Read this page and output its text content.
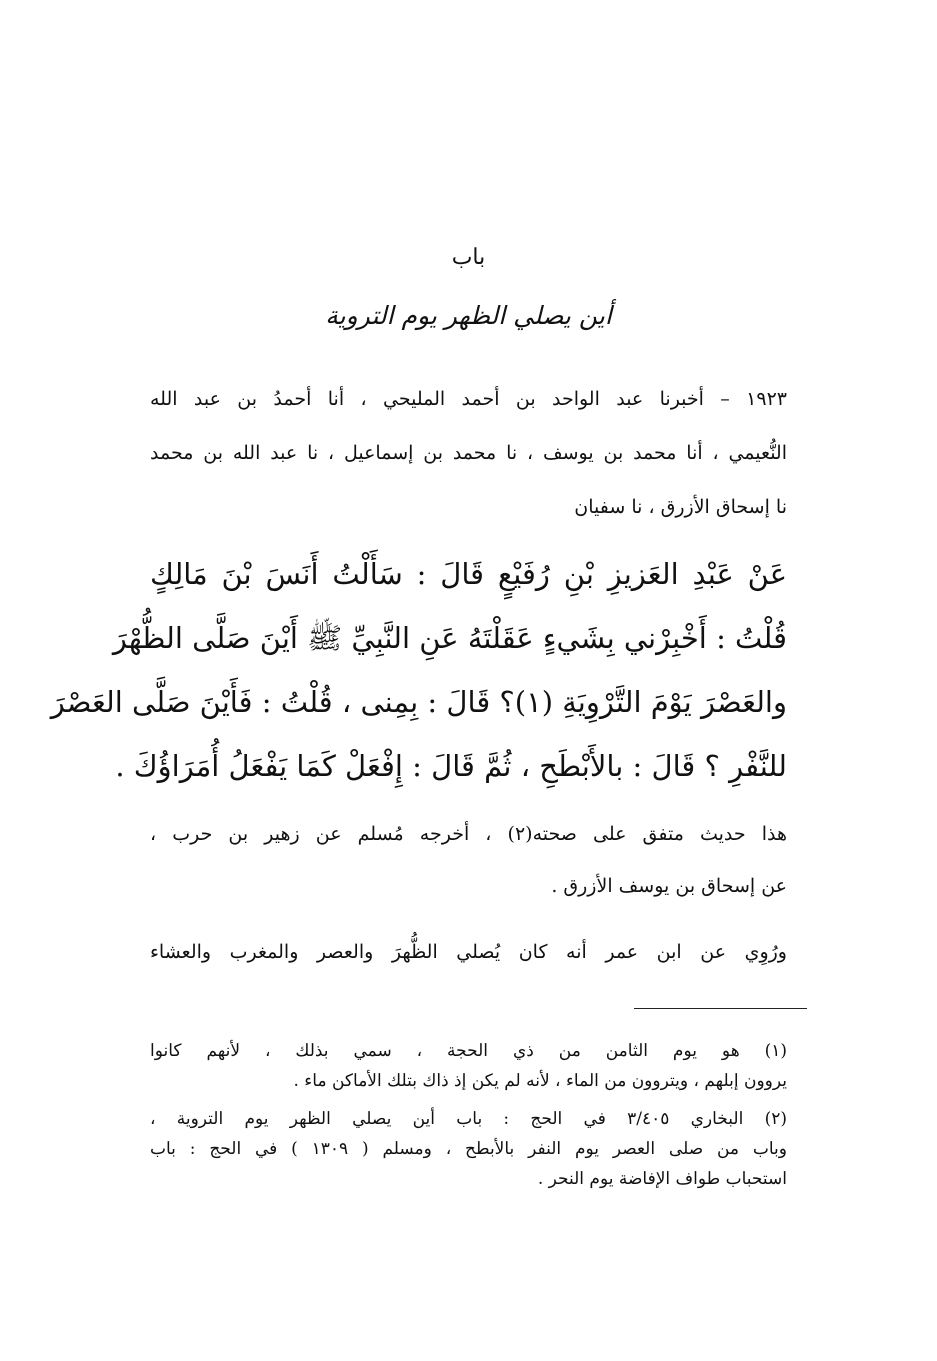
باب
أين يصلي الظهر يوم التروية
١٩٢٣ – أخبرنا عبد الواحد بن أحمد المليحي ، أنا أحمدُ بن عبد الله
النُّعيمي ، أنا محمد بن يوسف ، نا محمد بن إسماعيل ، نا عبد الله بن محمد
نا إسحاق الأزرق ، نا سفيان
عَنْ عَبْدِ العَزيزِ بْنِ رُفَيْعٍ قَالَ : سَأَلْتُ أَنَسَ بْنَ مَالِكٍ
قُلْتُ : أَخْبِرْني بِشَيءٍ عَقَلْتَهُ عَنِ النَّبِيِّ ﷺ أَيْنَ صَلَّى الظُّهْرَ
والعَصْرَ يَوْمَ التَّرْوِيَةِ (١)؟ قَالَ : بِمِنى ، قُلْتُ : فَأَيْنَ صَلَّى العَصْرَ
للنَّفْرِ ؟ قَالَ : بالأَبْطَحِ ، ثُمَّ قَالَ : إِفْعَلْ كَمَا يَفْعَلُ أُمَرَاؤُكَ .
هذا حديث متفق على صحته(٢) ، أخرجه مُسلم عن زهير بن حرب ،
عن إسحاق بن يوسف الأزرق .
ورُوِي عن ابن عمر أنه كان يُصلي الظُّهرَ والعصر والمغرب والعشاء
(١) هو يوم الثامن من ذي الحجة ، سمي بذلك ، لأنهم كانوا
يروون إبلهم ، ويتروون من الماء ، لأنه لم يكن إذ ذاك بتلك الأماكن ماء .
(٢) البخاري ٣/٤٠٥ في الحج : باب أين يصلي الظهر يوم التروية ،
وباب من صلى العصر يوم النفر بالأبطح ، ومسلم ( ١٣٠٩ ) في الحج : باب
استحباب طواف الإفاضة يوم النحر .
